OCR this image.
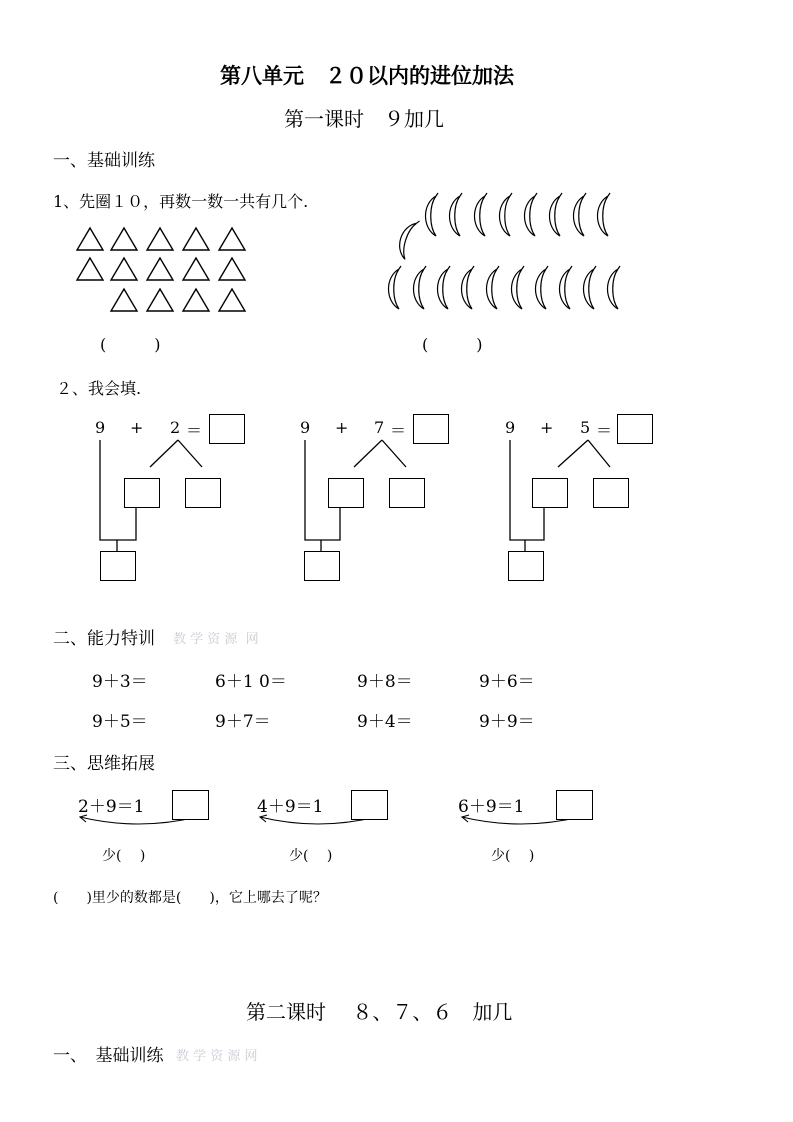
第八单元　２０以内的进位加法
第一课时　９加几
一、基础训练
1、先圈１０，再数一数一共有几个.
(　　　)	(　　　)
２、我会填.
9 + 2 ＝	9 + 7 ＝	9 + 5 ＝
二、能力特训 教 学 资 源  网
9＋3＝	6＋1 0＝	9＋8＝	9＋6＝
9＋5＝	9＋7＝	9＋4＝	9＋9＝
三、思维拓展
2＋9＝1
少(　 )
4＋9＝1
少(　 )
6＋9＝1
少(　 )
(　　)里少的数都是(　　)，它上哪去了呢？
第二课时　 ８、７、６　加几
一、　基础训练 教 学 资 源 网
